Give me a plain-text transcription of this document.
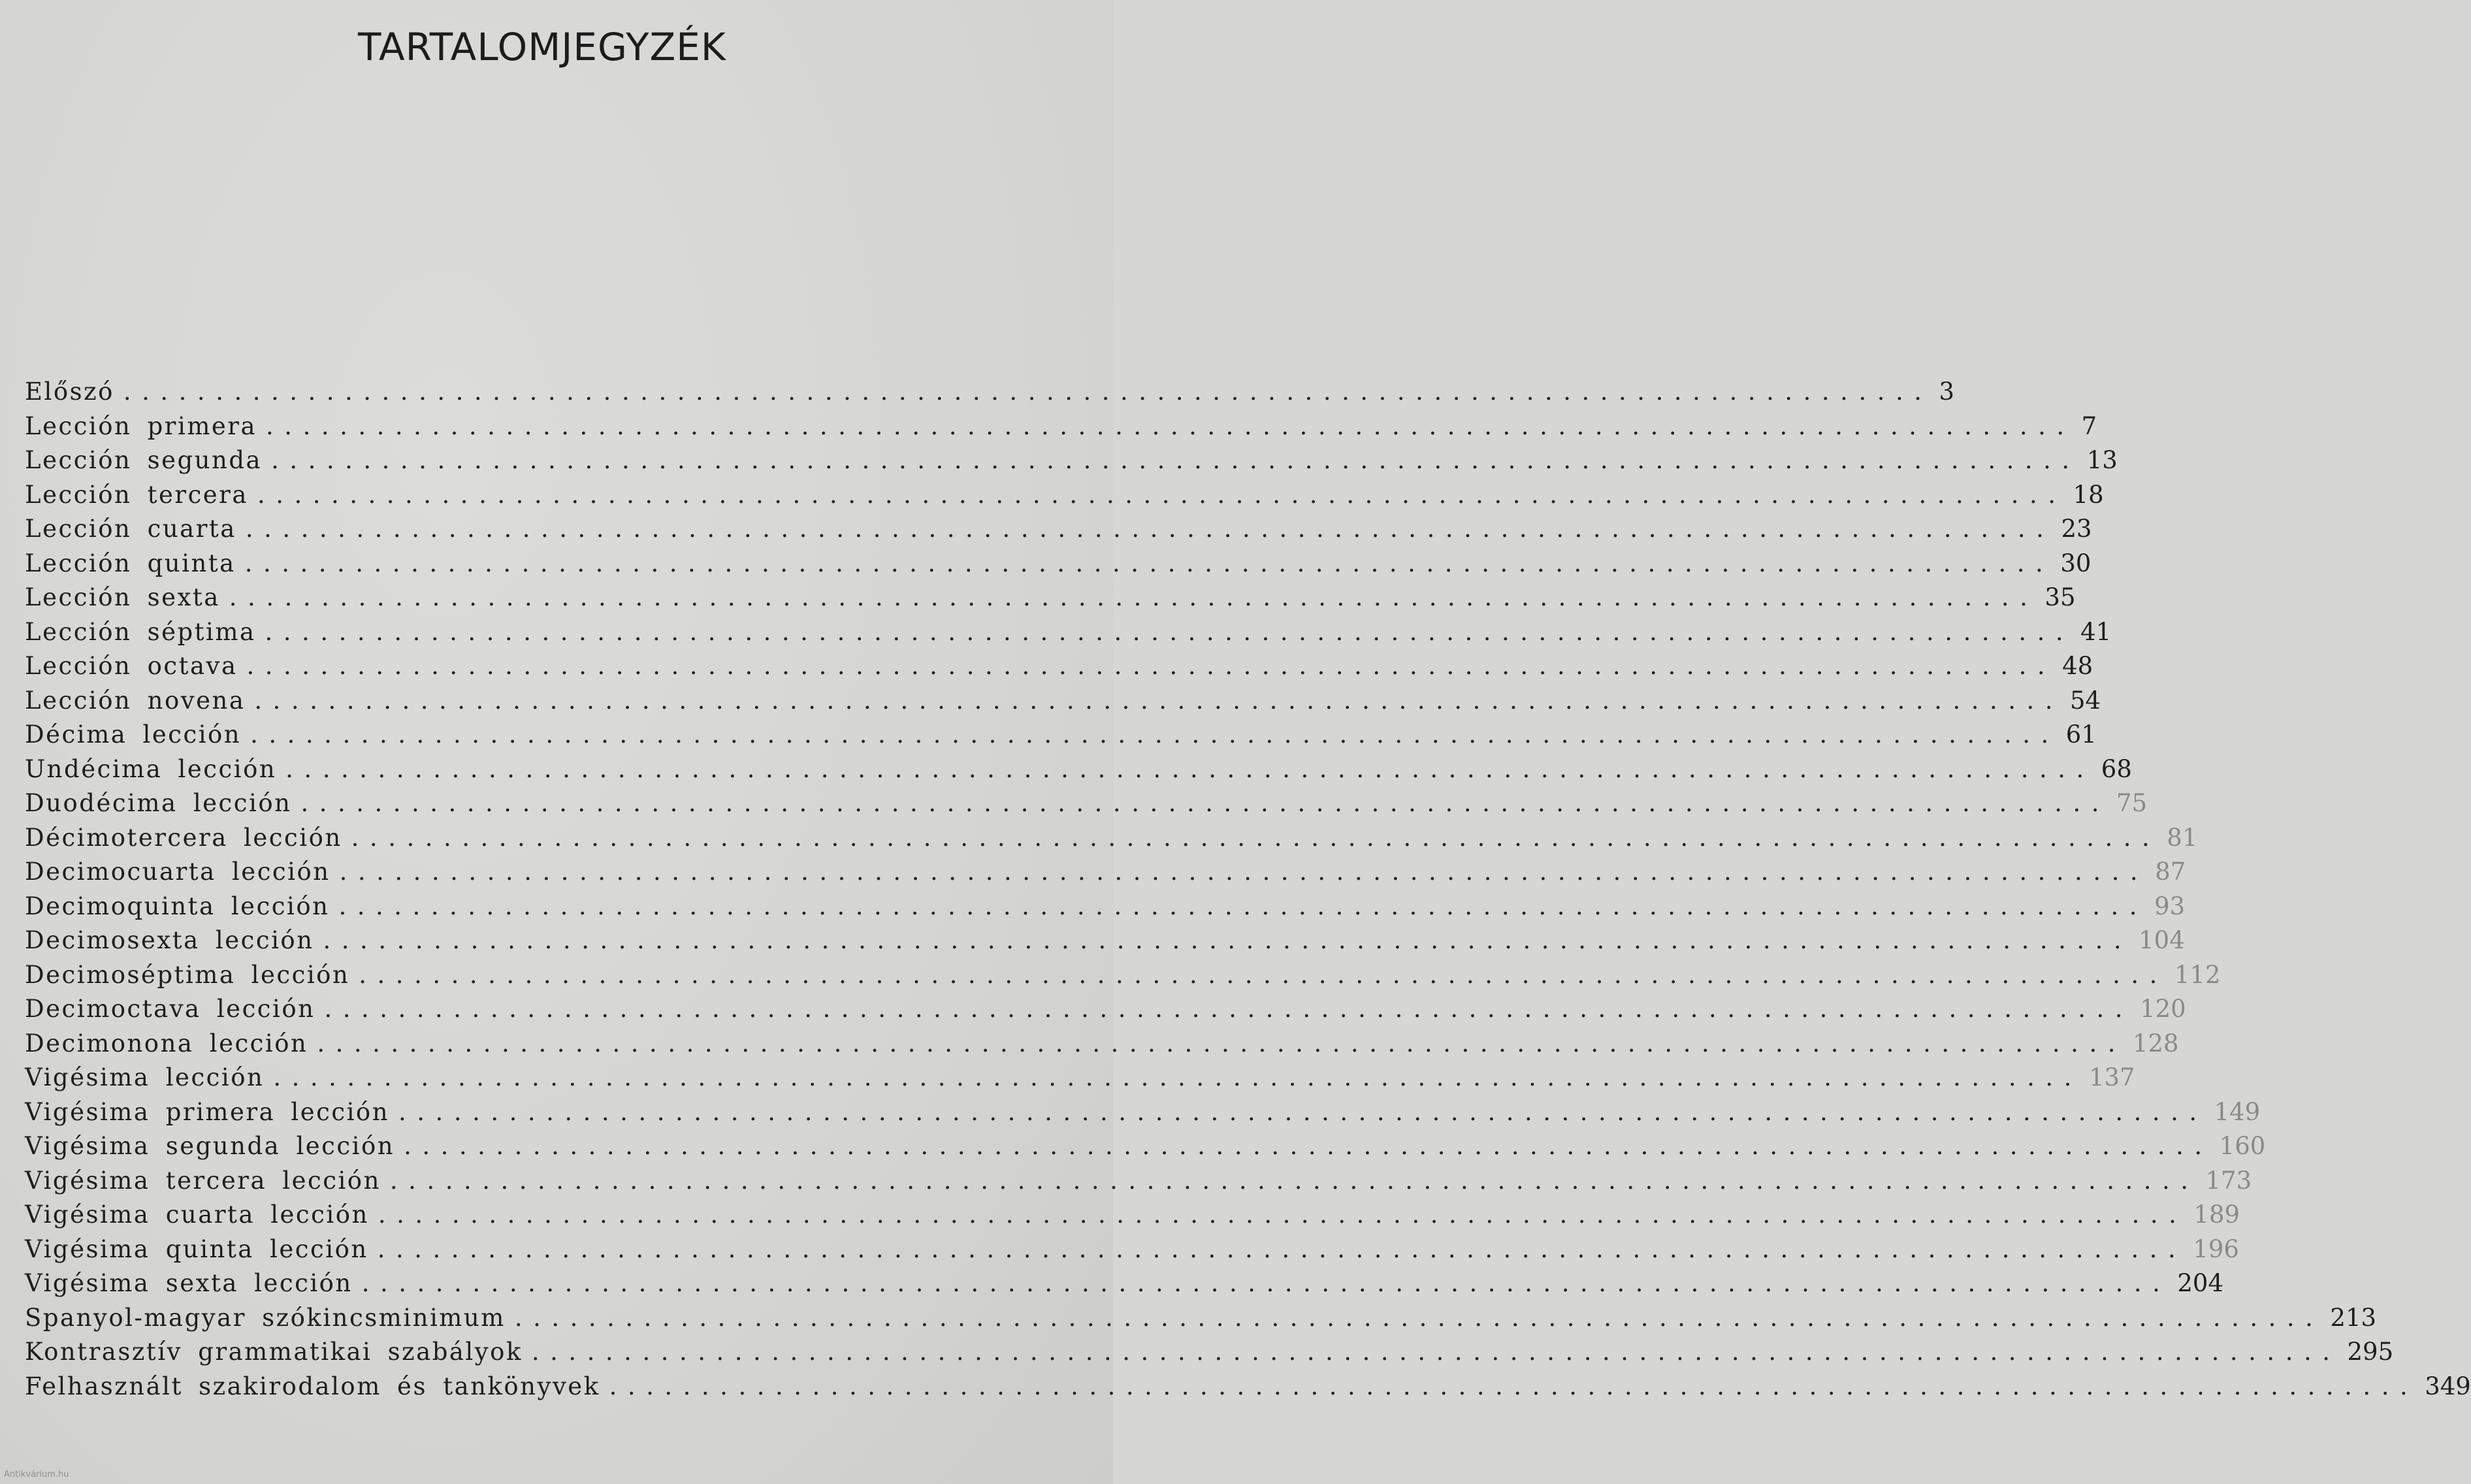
TARTALOMJEGYZÉK
Előszó .................................................................................................. 3
Lección primera .................................................................................................. 7
Lección segunda .................................................................................................. 13
Lección tercera .................................................................................................. 18
Lección cuarta .................................................................................................. 23
Lección quinta .................................................................................................. 30
Lección sexta .................................................................................................. 35
Lección séptima .................................................................................................. 41
Lección octava .................................................................................................. 48
Lección novena .................................................................................................. 54
Décima lección .................................................................................................. 61
Undécima lección .................................................................................................. 68
Duodécima lección .................................................................................................. 75
Décimotercera lección .................................................................................................. 81
Decimocuarta lección .................................................................................................. 87
Decimoquinta lección .................................................................................................. 93
Decimosexta lección .................................................................................................. 104
Decimoséptima lección .................................................................................................. 112
Decimoctava lección .................................................................................................. 120
Decimonona lección .................................................................................................. 128
Vigésima lección .................................................................................................. 137
Vigésima primera lección .................................................................................................. 149
Vigésima segunda lección .................................................................................................. 160
Vigésima tercera lección .................................................................................................. 173
Vigésima cuarta lección .................................................................................................. 189
Vigésima quinta lección .................................................................................................. 196
Vigésima sexta lección .................................................................................................. 204
Spanyol-magyar szókincsminimum .................................................................................................. 213
Kontrasztív grammatikai szabályok .................................................................................................. 295
Felhasznált szakirodalom és tankönyvek .................................................................................................. 349
Antikvárium.hu
